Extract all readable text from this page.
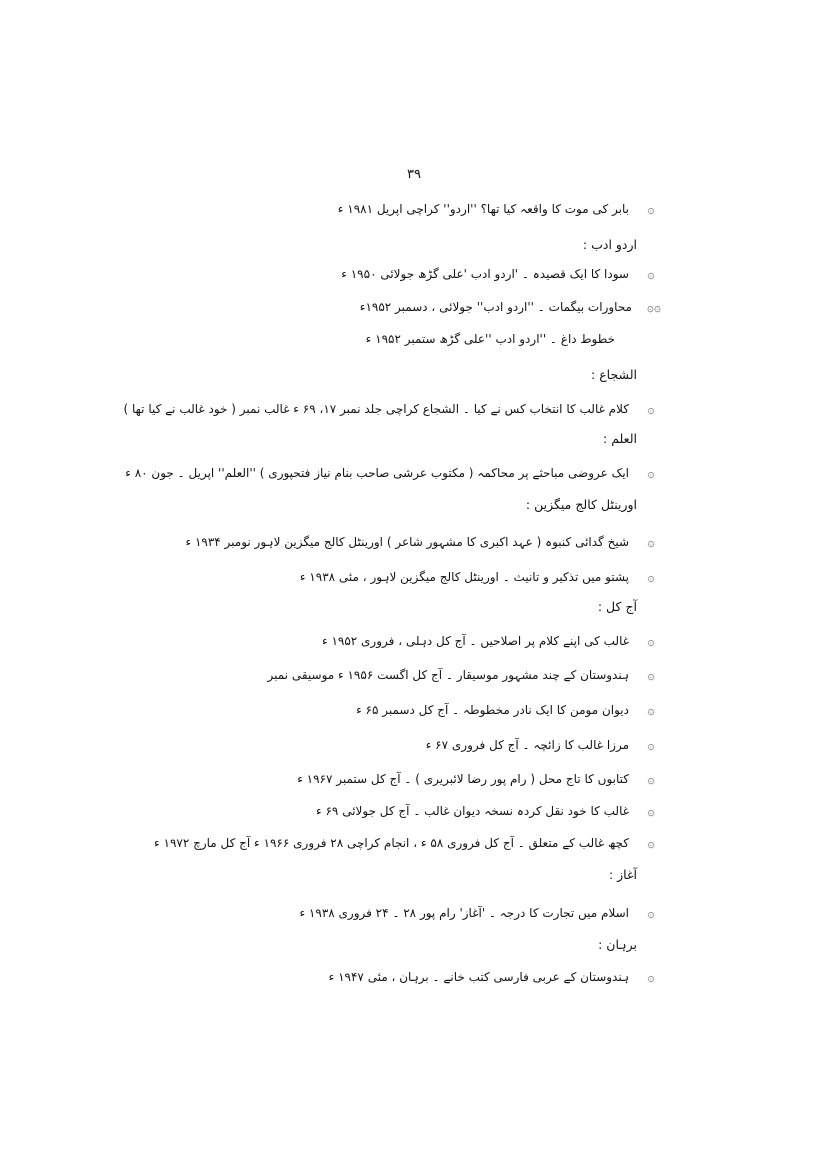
۳۹
۞
بابر کی موت کا واقعہ کیا تھا؟ ''اردو'' کراچی اپریل ۱۹۸۱ ء
اردو ادب :
۞
سودا کا ایک قصیدہ ۔ 'اردو ادب 'علی گڑھ جولائی ۱۹۵۰ ء
۞۞
محاورات بیگمات ۔ ''اردو ادب'' جولائی ، دسمبر ۱۹۵۲ء
خطوط داغ ۔ ''اردو ادب ''علی گڑھ ستمبر ۱۹۵۲ ء
الشجاع :
۞
کلام غالب کا انتخاب کس نے کیا ۔ الشجاع کراچی جلد نمبر ۱۷، ۶۹ ء غالب نمبر ( خود غالب نے کیا تھا )
العلم :
۞
ایک عروضی مباحثے پر محاکمہ ( مکتوب عرشی صاحب بنام نیاز فتحپوری ) ''العلم'' اپریل ۔ جون ۸۰ ء
اورینٹل کالج میگزین :
۞
شیخ گدائی کنبوہ ( عہد اکبری کا مشہور شاعر ) اورینٹل کالج میگزین لاہور نومبر ۱۹۳۴ ء
۞
پشتو میں تذکیر و تانیث ۔ اورینٹل کالج میگزین لاہور ، مئی ۱۹۳۸ ء
آج کل :
۞
غالب کی اپنے کلام پر اصلاحیں ۔ آج کل دہلی ، فروری ۱۹۵۲ ء
۞
ہندوستان کے چند مشہور موسیقار ۔ آج کل اگست ۱۹۵۶ ء موسیقی نمبر
۞
دیوان مومن کا ایک نادر مخطوطہ ۔ آج کل دسمبر ۶۵ ء
۞
مرزا غالب کا زائچہ ۔ آج کل فروری ۶۷ ء
۞
کتابوں کا تاج محل ( رام پور رضا لائبریری ) ۔ آج کل ستمبر ۱۹۶۷ ء
۞
غالب کا خود نقل کردہ نسخہ دیوان غالب ۔ آج کل جولائی ۶۹ ء
۞
کچھ غالب کے متعلق ۔ آج کل فروری ۵۸ ء ، انجام کراچی ۲۸ فروری ۱۹۶۶ ء آج کل مارچ ۱۹۷۲ ء
آغاز :
۞
اسلام میں تجارت کا درجہ ۔ 'آغاز' رام پور ۲۸ ۔ ۲۴ فروری ۱۹۳۸ ء
برہان :
۞
ہندوستان کے عربی فارسی کتب خانے ۔ برہان ، مئی ۱۹۴۷ ء
